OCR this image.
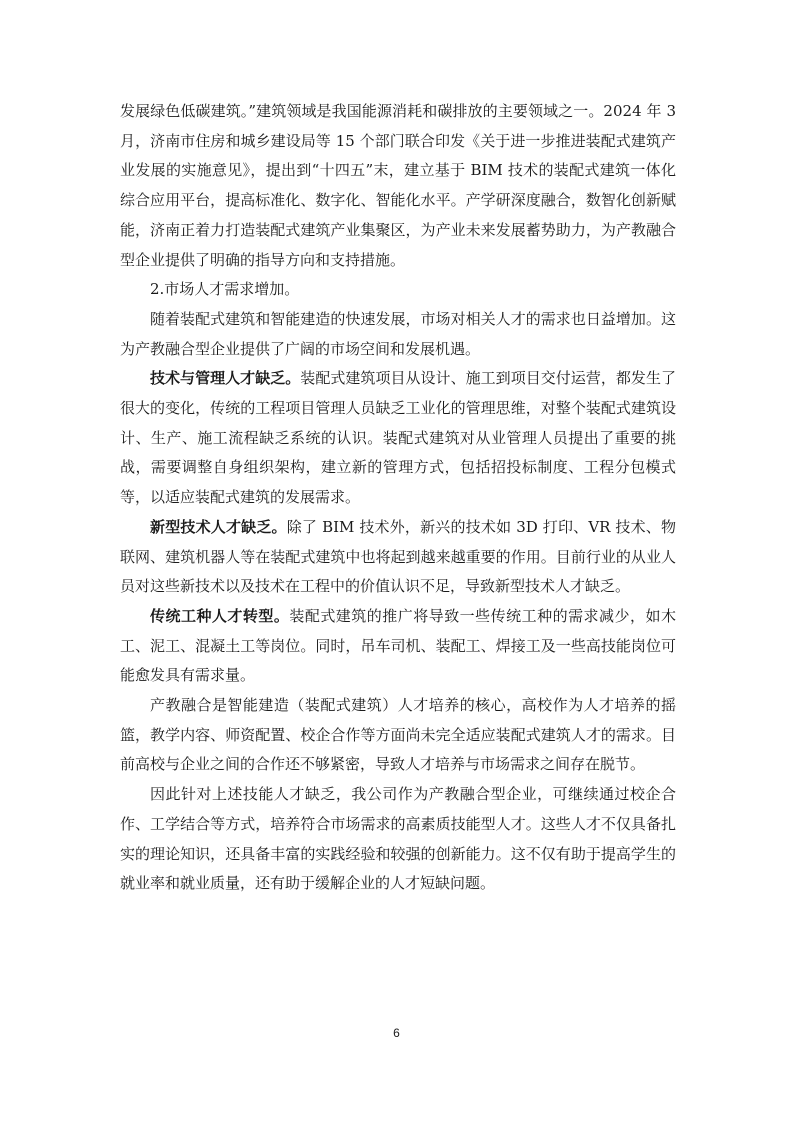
发展绿色低碳建筑。”建筑领域是我国能源消耗和碳排放的主要领域之一。2024 年 3 月，济南市住房和城乡建设局等 15 个部门联合印发《关于进一步推进装配式建筑产业发展的实施意见》，提出到“十四五”末，建立基于 BIM 技术的装配式建筑一体化综合应用平台，提高标准化、数字化、智能化水平。产学研深度融合，数智化创新赋能，济南正着力打造装配式建筑产业集聚区，为产业未来发展蓄势助力，为产教融合型企业提供了明确的指导方向和支持措施。

2.市场人才需求增加。

随着装配式建筑和智能建造的快速发展，市场对相关人才的需求也日益增加。这为产教融合型企业提供了广阔的市场空间和发展机遇。

技术与管理人才缺乏。装配式建筑项目从设计、施工到项目交付运营，都发生了很大的变化，传统的工程项目管理人员缺乏工业化的管理思维，对整个装配式建筑设计、生产、施工流程缺乏系统的认识。装配式建筑对从业管理人员提出了重要的挑战，需要调整自身组织架构，建立新的管理方式，包括招投标制度、工程分包模式等，以适应装配式建筑的发展需求。

新型技术人才缺乏。除了 BIM 技术外，新兴的技术如 3D 打印、VR 技术、物联网、建筑机器人等在装配式建筑中也将起到越来越重要的作用。目前行业的从业人员对这些新技术以及技术在工程中的价值认识不足，导致新型技术人才缺乏。

传统工种人才转型。装配式建筑的推广将导致一些传统工种的需求减少，如木工、泥工、混凝土工等岗位。同时，吊车司机、装配工、焊接工及一些高技能岗位可能愈发具有需求量。

产教融合是智能建造（装配式建筑）人才培养的核心，高校作为人才培养的摇篮，教学内容、师资配置、校企合作等方面尚未完全适应装配式建筑人才的需求。目前高校与企业之间的合作还不够紧密，导致人才培养与市场需求之间存在脱节。

因此针对上述技能人才缺乏，我公司作为产教融合型企业，可继续通过校企合作、工学结合等方式，培养符合市场需求的高素质技能型人才。这些人才不仅具备扎实的理论知识，还具备丰富的实践经验和较强的创新能力。这不仅有助于提高学生的就业率和就业质量，还有助于缓解企业的人才短缺问题。

6
